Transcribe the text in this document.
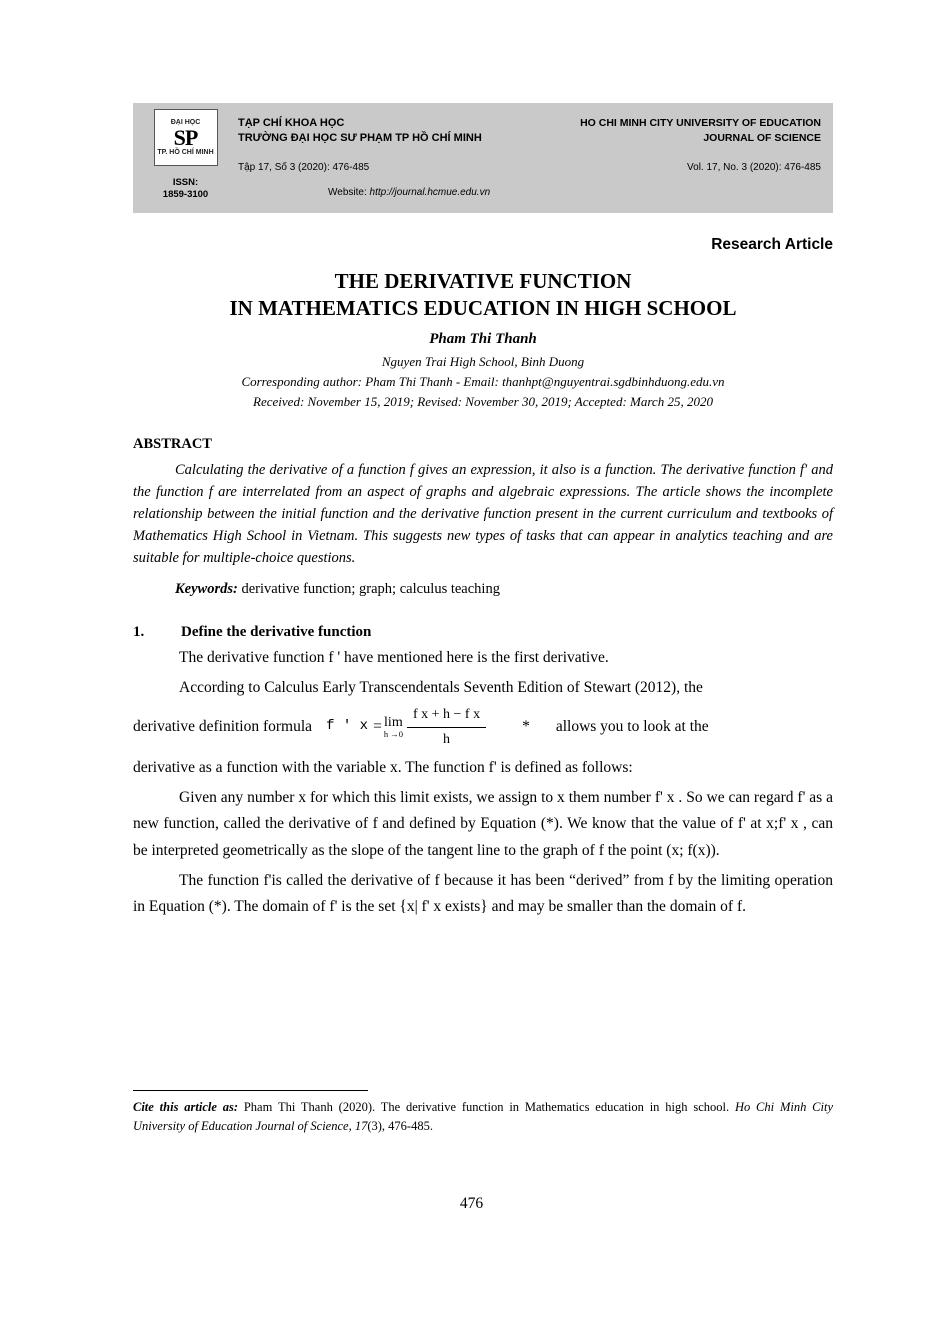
ĐẠI HỌC
SP
TP. HỒ CHÍ MINH
ISSN:
1859-3100
TẠP CHÍ KHOA HỌC
TRƯỜNG ĐẠI HỌC SƯ PHẠM TP HỒ CHÍ MINH
Tập 17, Số 3 (2020): 476-485
Website: http://journal.hcmue.edu.vn
HO CHI MINH CITY UNIVERSITY OF EDUCATION
JOURNAL OF SCIENCE
Vol. 17, No. 3 (2020): 476-485
Research Article
THE DERIVATIVE FUNCTION
IN MATHEMATICS EDUCATION IN HIGH SCHOOL
Pham Thi Thanh
Nguyen Trai High School, Binh Duong
Corresponding author: Pham Thi Thanh - Email: thanhpt@nguyentrai.sgdbinhduong.edu.vn
Received: November 15, 2019; Revised: November 30, 2019; Accepted: March 25, 2020
ABSTRACT
Calculating the derivative of a function f gives an expression, it also is a function. The derivative function f' and the function f are interrelated from an aspect of graphs and algebraic expressions. The article shows the incomplete relationship between the initial function and the derivative function present in the current curriculum and textbooks of Mathematics High School in Vietnam. This suggests new types of tasks that can appear in analytics teaching and are suitable for multiple-choice questions.
Keywords: derivative function; graph; calculus teaching
1.	Define the derivative function
The derivative function f ' have mentioned here is the first derivative.
According to Calculus Early Transcendentals Seventh Edition of Stewart (2012), the
derivative definition formula f ' x = lim
$h \to 0 \frac{\text{f x + h − f x}}{h}$ * allows you to look at the
derivative as a function with the variable x. The function f' is defined as follows:
Given any number x for which this limit exists, we assign to x them number f' x . So we can regard f' as a new function, called the derivative of f and defined by Equation (*). We know that the value of f' at x;f' x , can be interpreted geometrically as the slope of the tangent line to the graph of f the point (x; f(x)).
The function f'is called the derivative of f because it has been “derived” from f by the limiting operation in Equation (*). The domain of f' is the set {x| f' x exists} and may be smaller than the domain of f.
Cite this article as: Pham Thi Thanh (2020). The derivative function in Mathematics education in high school. Ho Chi Minh City University of Education Journal of Science, 17(3), 476-485.
476
